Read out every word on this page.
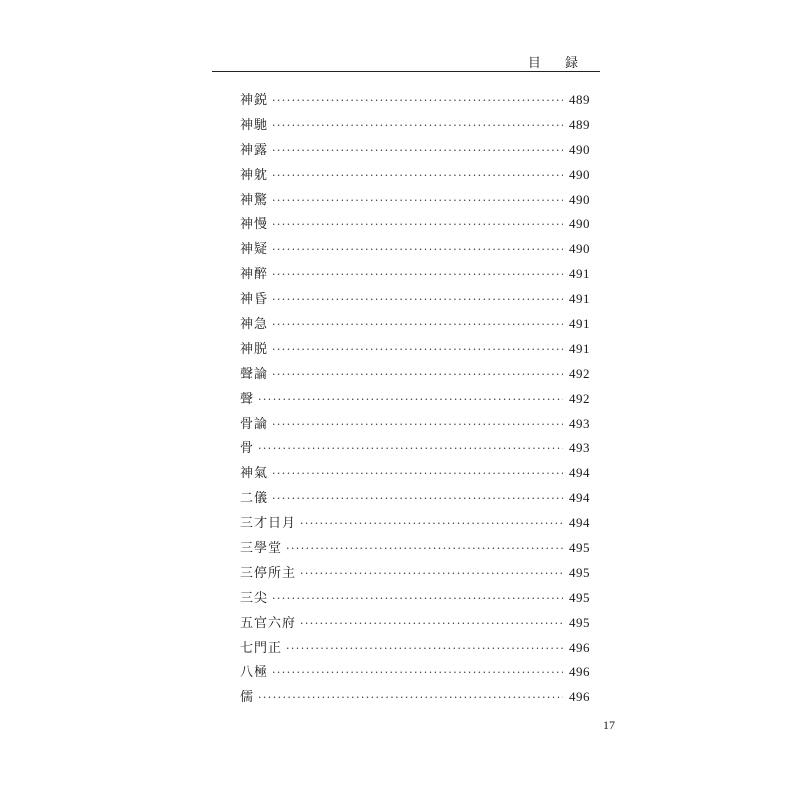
目 録
神鋭 ·····	489
神馳 ·····	489
神露 ·····	490
神躭 ·····	490
神驚 ·····	490
神慢 ·····	490
神疑 ·····	490
神醉 ·····	491
神昏 ·····	491
神急 ·····	491
神脱 ·····	491
聲論 ·····	492
聲 ·····	492
骨論 ·····	493
骨 ·····	493
神氣 ·····	494
二儀 ·····	494
三才日月 ·····	494
三學堂 ·····	495
三停所主 ·····	495
三尖 ·····	495
五官六府 ·····	495
七門正 ·····	496
八極 ·····	496
儒 ·····	496
17
